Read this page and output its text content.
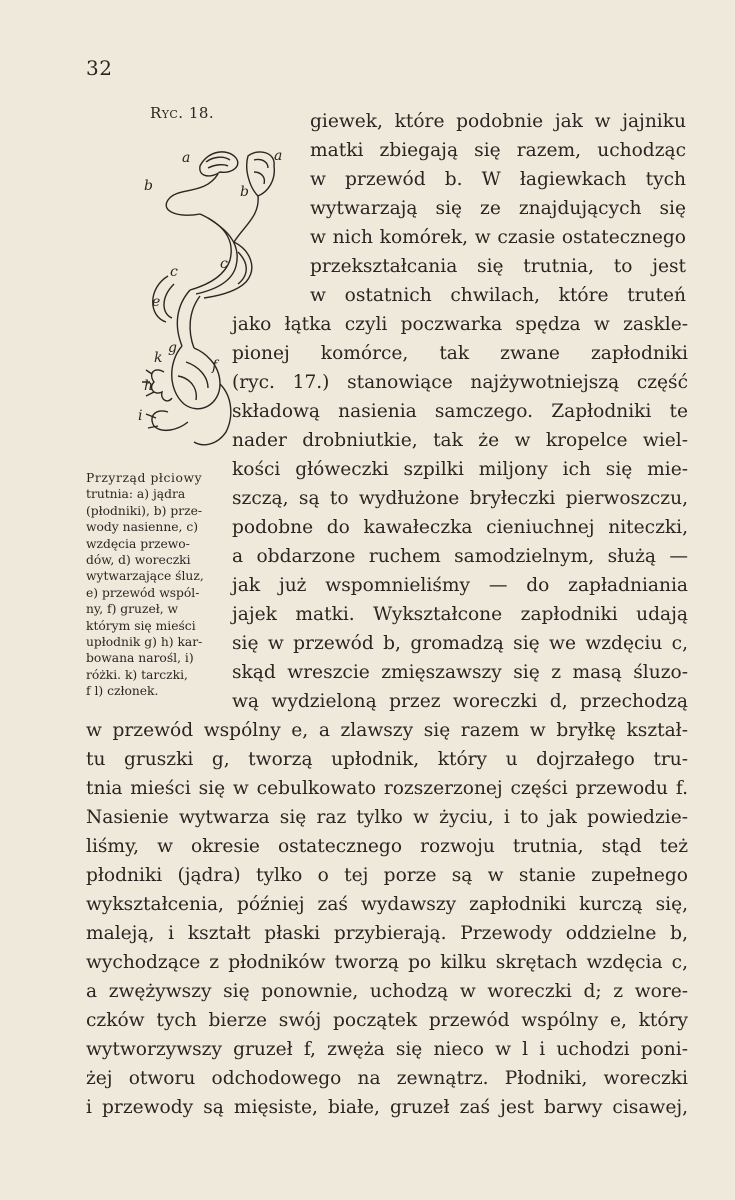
32
Ryc. 18.
a	a
b	b
c	c
e
f
g
h
k
i
Przyrząd płciowy
trutnia: a) jądra
(płodniki), b) prze-
wody nasienne, c)
wzdęcia przewo-
dów, d) woreczki
wytwarzające śluz,
e) przewód wspól-
ny, f) gruzeł, w
którym się mieści
upłodnik g) h) kar-
bowana narośl, i)
różki. k) tarczki,
f l) członek.
giewek, które podobnie jak w jajniku
matki zbiegają się razem, uchodząc
w przewód b. W łagiewkach tych
wytwarzają się ze znajdujących się
w nich komórek, w czasie ostatecznego
przekształcania się trutnia, to jest
w ostatnich chwilach, które truteń
jako łątka czyli poczwarka spędza w zaskle-
pionej komórce, tak zwane zapłodniki
(ryc. 17.) stanowiące najżywotniejszą część
składową nasienia samczego. Zapłodniki te
nader drobniutkie, tak że w kropelce wiel-
kości główeczki szpilki miljony ich się mie-
szczą, są to wydłużone bryłeczki pierwoszczu,
podobne do kawałeczka cieniuchnej niteczki,
a obdarzone ruchem samodzielnym, służą —
jak już wspomnieliśmy — do zapładniania
jajek matki. Wykształcone zapłodniki udają
się w przewód b, gromadzą się we wzdęciu c,
skąd wreszcie zmięszawszy się z masą śluzo-
wą wydzieloną przez woreczki d, przechodzą
w przewód wspólny e, a zlawszy się razem w bryłkę kształ-
tu gruszki g, tworzą upłodnik, który u dojrzałego tru-
tnia mieści się w cebulkowato rozszerzonej części przewodu f.
Nasienie wytwarza się raz tylko w życiu, i to jak powiedzie-
liśmy, w okresie ostatecznego rozwoju trutnia, stąd też
płodniki (jądra) tylko o tej porze są w stanie zupełnego
wykształcenia, później zaś wydawszy zapłodniki kurczą się,
maleją, i kształt płaski przybierają. Przewody oddzielne b,
wychodzące z płodników tworzą po kilku skrętach wzdęcia c,
a zwężywszy się ponownie, uchodzą w woreczki d; z wore-
czków tych bierze swój początek przewód wspólny e, który
wytworzywszy gruzeł f, zwęża się nieco w l i uchodzi poni-
żej otworu odchodowego na zewnątrz. Płodniki, woreczki
i przewody są mięsiste, białe, gruzeł zaś jest barwy cisawej,
